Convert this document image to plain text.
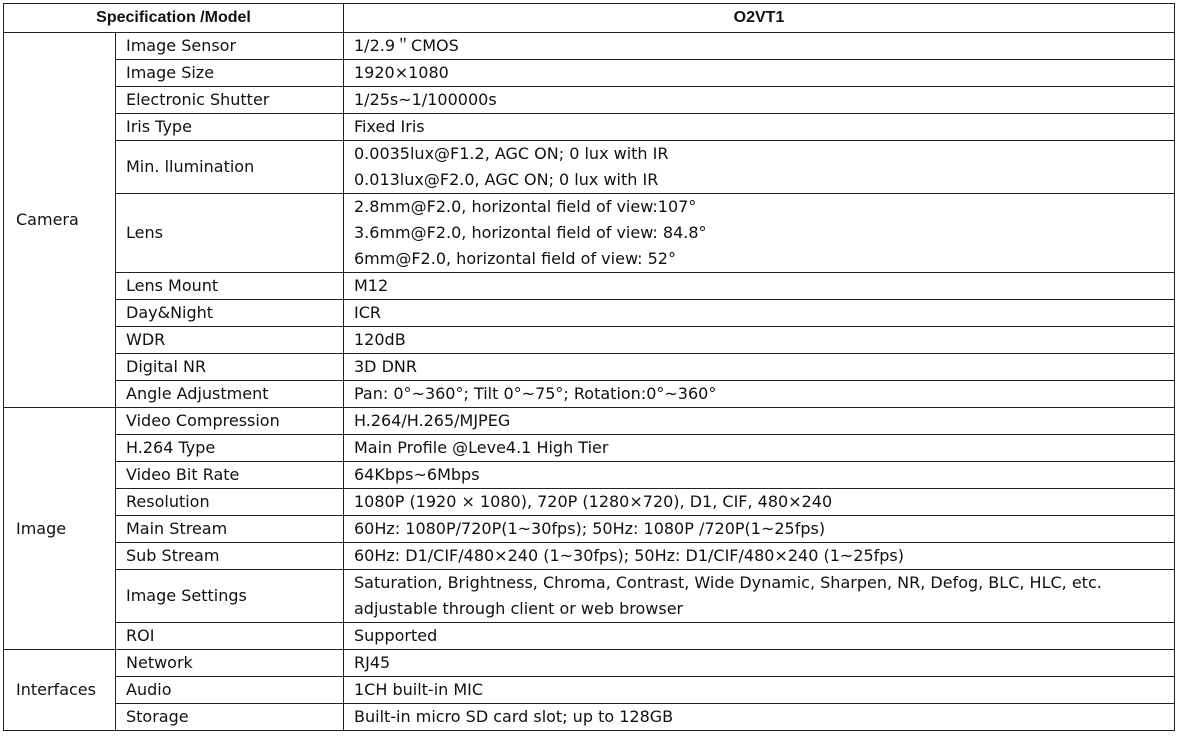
Specification /Model		O2VT1
Camera	Image Sensor	1/2.9＂CMOS

	Image Size	1920×1080

	Electronic Shutter	1/25s~1/100000s

	Iris Type	Fixed Iris

	Min. llumination	0.0035lux@F1.2, AGC ON; 0 lux with IR
0.013lux@F2.0, AGC ON; 0 lux with IR

	Lens	2.8mm@F2.0, horizontal field of view:107°
3.6mm@F2.0, horizontal field of view: 84.8°
6mm@F2.0, horizontal field of view: 52°

	Lens Mount	M12

	Day&Night	ICR

	WDR	120dB

	Digital NR	3D DNR

	Angle Adjustment	Pan: 0°~360°; Tilt 0°~75°; Rotation:0°~360°

Image	Video Compression	H.264/H.265/MJPEG

	H.264 Type	Main Profile @Leve4.1 High Tier

	Video Bit Rate	64Kbps~6Mbps

	Resolution	1080P (1920 × 1080), 720P (1280×720), D1, CIF, 480×240

	Main Stream	60Hz: 1080P/720P(1~30fps); 50Hz: 1080P /720P(1~25fps)

	Sub Stream	60Hz: D1/CIF/480×240 (1~30fps); 50Hz: D1/CIF/480×240 (1~25fps)

	Image Settings	Saturation, Brightness, Chroma, Contrast, Wide Dynamic, Sharpen, NR, Defog, BLC, HLC, etc.
adjustable through client or web browser

	ROI	Supported

Interfaces	Network	RJ45

	Audio	1CH built-in MIC

	Storage	Built-in micro SD card slot; up to 128GB
